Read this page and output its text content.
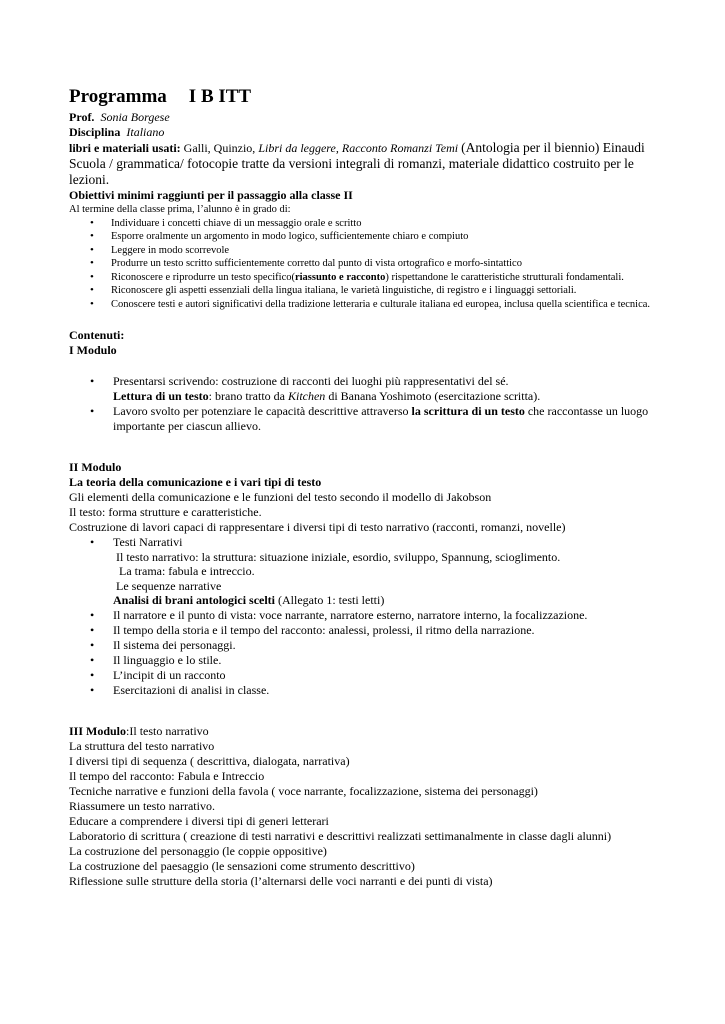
Programma I B ITT
Prof. Sonia Borgese
Disciplina Italiano
libri e materiali usati: Galli, Quinzio, Libri da leggere, Racconto Romanzi Temi (Antologia per il biennio) Einaudi Scuola / grammatica/ fotocopie tratte da versioni integrali di romanzi, materiale didattico costruito per le lezioni.
Obiettivi minimi raggiunti per il passaggio alla classe II
Al termine della classe prima, l’alunno è in grado di:
• Individuare i concetti chiave di un messaggio orale e scritto
• Esporre oralmente un argomento in modo logico, sufficientemente chiaro e compiuto
• Leggere in modo scorrevole
• Produrre un testo scritto sufficientemente corretto dal punto di vista ortografico e morfo-sintattico
• Riconoscere e riprodurre un testo specifico(riassunto e racconto) rispettandone le caratteristiche strutturali fondamentali.
• Riconoscere gli aspetti essenziali della lingua italiana, le varietà linguistiche, di registro e i linguaggi settoriali.
• Conoscere testi e autori significativi della tradizione letteraria e culturale italiana ed europea, inclusa quella scientifica e tecnica.
Contenuti:
I Modulo
• Presentarsi scrivendo: costruzione di racconti dei luoghi più rappresentativi del sé.
Lettura di un testo: brano tratto da Kitchen di Banana Yoshimoto (esercitazione scritta).
• Lavoro svolto per potenziare le capacità descrittive attraverso la scrittura di un testo che raccontasse un luogo importante per ciascun allievo.
II Modulo
La teoria della comunicazione e i vari tipi di testo
Gli elementi della comunicazione e le funzioni del testo secondo il modello di Jakobson
Il testo: forma strutture e caratteristiche.
Costruzione di lavori capaci di rappresentare i diversi tipi di testo narrativo (racconti, romanzi, novelle)
• Testi Narrativi
Il testo narrativo: la struttura: situazione iniziale, esordio, sviluppo, Spannung, scioglimento.
La trama: fabula e intreccio.
Le sequenze narrative
Analisi di brani antologici scelti (Allegato 1: testi letti)
• Il narratore e il punto di vista: voce narrante, narratore esterno, narratore interno, la focalizzazione.
• Il tempo della storia e il tempo del racconto: analessi, prolessi, il ritmo della narrazione.
• Il sistema dei personaggi.
• Il linguaggio e lo stile.
• L’incipit di un racconto
• Esercitazioni di analisi in classe.
III Modulo:Il testo narrativo
La struttura del testo narrativo
I diversi tipi di sequenza ( descrittiva, dialogata, narrativa)
Il tempo del racconto: Fabula e Intreccio
Tecniche narrative e funzioni della favola ( voce narrante, focalizzazione, sistema dei personaggi)
Riassumere un testo narrativo.
Educare a comprendere i diversi tipi di generi letterari
Laboratorio di scrittura ( creazione di testi narrativi e descrittivi realizzati settimanalmente in classe dagli alunni)
La costruzione del personaggio (le coppie oppositive)
La costruzione del paesaggio (le sensazioni come strumento descrittivo)
Riflessione sulle strutture della storia (l’alternarsi delle voci narranti e dei punti di vista)
